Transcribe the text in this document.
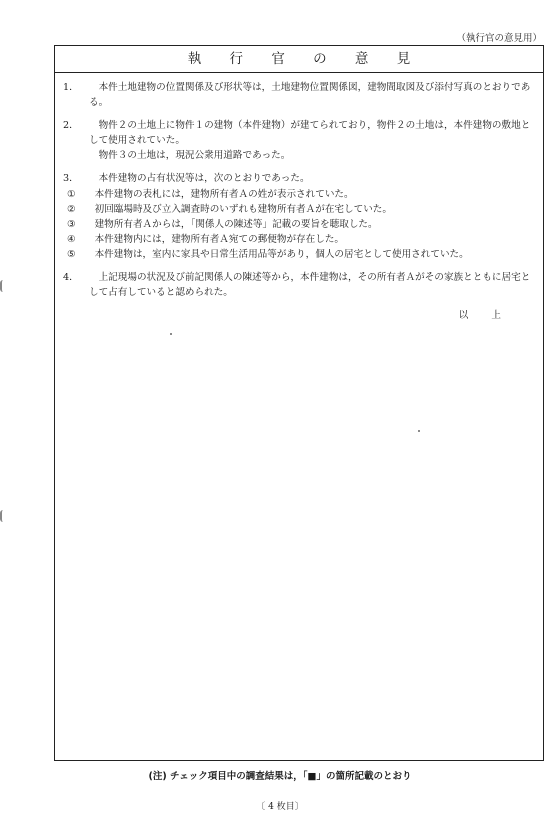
（執行官の意見用）
執 行 官 の 意 見
1．	本件土地建物の位置関係及び形状等は，土地建物位置関係図，建物間取図及び添付写真のとおりである。
2．	物件２の土地上に物件１の建物（本件建物）が建てられており，物件２の土地は，本件建物の敷地として使用されていた。
物件３の土地は，現況公衆用道路であった。
3．	本件建物の占有状況等は，次のとおりであった。
①	本件建物の表札には，建物所有者Ａの姓が表示されていた。
②	初回臨場時及び立入調査時のいずれも建物所有者Ａが在宅していた。
③	建物所有者Ａからは，「関係人の陳述等」記載の要旨を聴取した。
④	本件建物内には，建物所有者Ａ宛ての郵便物が存在した。
⑤	本件建物は，室内に家具や日常生活用品等があり，個人の居宅として使用されていた。
4．	上記現場の状況及び前記関係人の陳述等から，本件建物は，その所有者Ａがその家族とともに居宅として占有していると認められた。
以 上
(注) チェック項目中の調査結果は，「■」の箇所記載のとおり
〔 4 枚目〕
